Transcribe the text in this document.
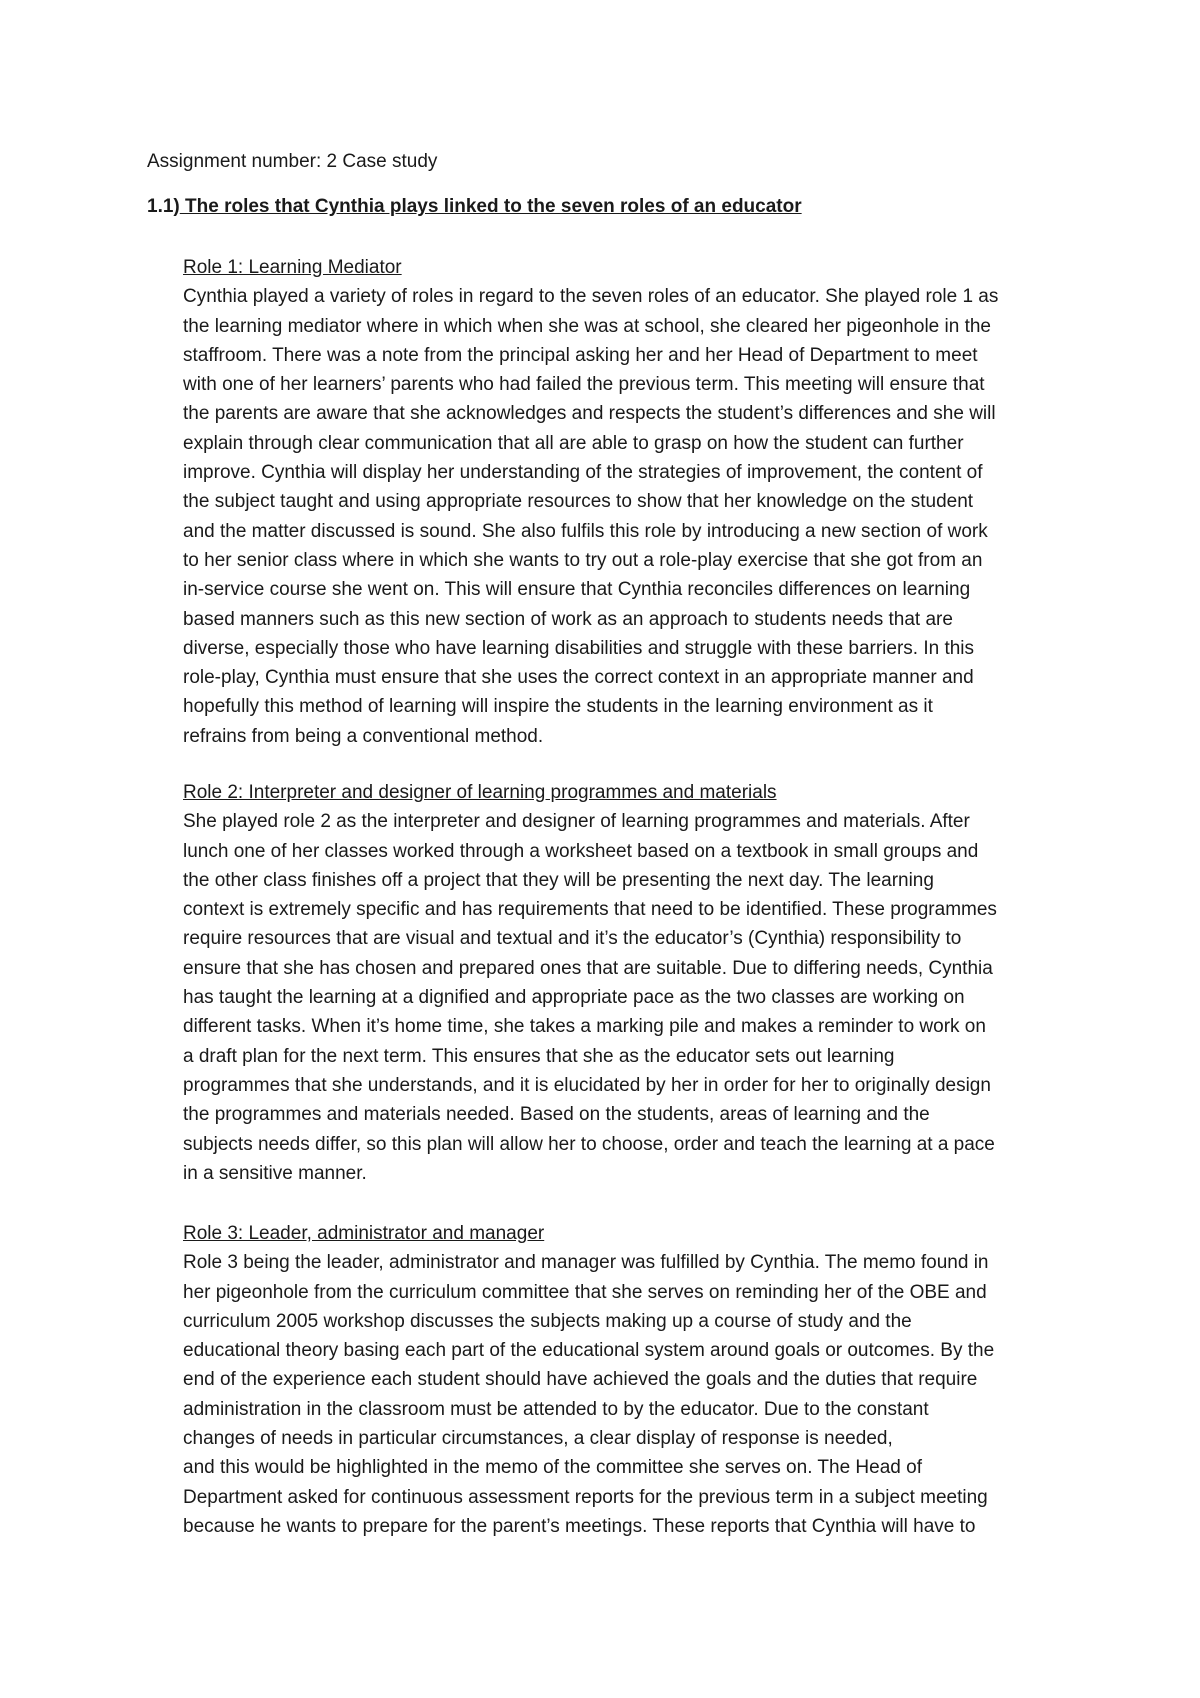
Assignment number: 2 Case study
1.1) The roles that Cynthia plays linked to the seven roles of an educator
Role 1: Learning Mediator

Cynthia played a variety of roles in regard to the seven roles of an educator. She played role 1 as
the learning mediator where in which when she was at school, she cleared her pigeonhole in the
staffroom. There was a note from the principal asking her and her Head of Department to meet
with one of her learners’ parents who had failed the previous term. This meeting will ensure that
the parents are aware that she acknowledges and respects the student’s differences and she will
explain through clear communication that all are able to grasp on how the student can further
improve. Cynthia will display her understanding of the strategies of improvement, the content of
the subject taught and using appropriate resources to show that her knowledge on the student
and the matter discussed is sound. She also fulfils this role by introducing a new section of work
to her senior class where in which she wants to try out a role-play exercise that she got from an
in-service course she went on. This will ensure that Cynthia reconciles differences on learning
based manners such as this new section of work as an approach to students needs that are
diverse, especially those who have learning disabilities and struggle with these barriers. In this
role-play, Cynthia must ensure that she uses the correct context in an appropriate manner and
hopefully this method of learning will inspire the students in the learning environment as it
refrains from being a conventional method.

Role 2: Interpreter and designer of learning programmes and materials

She played role 2 as the interpreter and designer of learning programmes and materials. After
lunch one of her classes worked through a worksheet based on a textbook in small groups and
the other class finishes off a project that they will be presenting the next day. The learning
context is extremely specific and has requirements that need to be identified. These programmes
require resources that are visual and textual and it’s the educator’s (Cynthia) responsibility to
ensure that she has chosen and prepared ones that are suitable. Due to differing needs, Cynthia
has taught the learning at a dignified and appropriate pace as the two classes are working on
different tasks. When it’s home time, she takes a marking pile and makes a reminder to work on
a draft plan for the next term. This ensures that she as the educator sets out learning
programmes that she understands, and it is elucidated by her in order for her to originally design
the programmes and materials needed. Based on the students, areas of learning and the
subjects needs differ, so this plan will allow her to choose, order and teach the learning at a pace
in a sensitive manner.

Role 3: Leader, administrator and manager

Role 3 being the leader, administrator and manager was fulfilled by Cynthia. The memo found in
her pigeonhole from the curriculum committee that she serves on reminding her of the OBE and
curriculum 2005 workshop discusses the subjects making up a course of study and the
educational theory basing each part of the educational system around goals or outcomes. By the
end of the experience each student should have achieved the goals and the duties that require
administration in the classroom must be attended to by the educator. Due to the constant
changes of needs in particular circumstances, a clear display of response is needed,
and this would be highlighted in the memo of the committee she serves on. The Head of
Department asked for continuous assessment reports for the previous term in a subject meeting
because he wants to prepare for the parent’s meetings. These reports that Cynthia will have to
